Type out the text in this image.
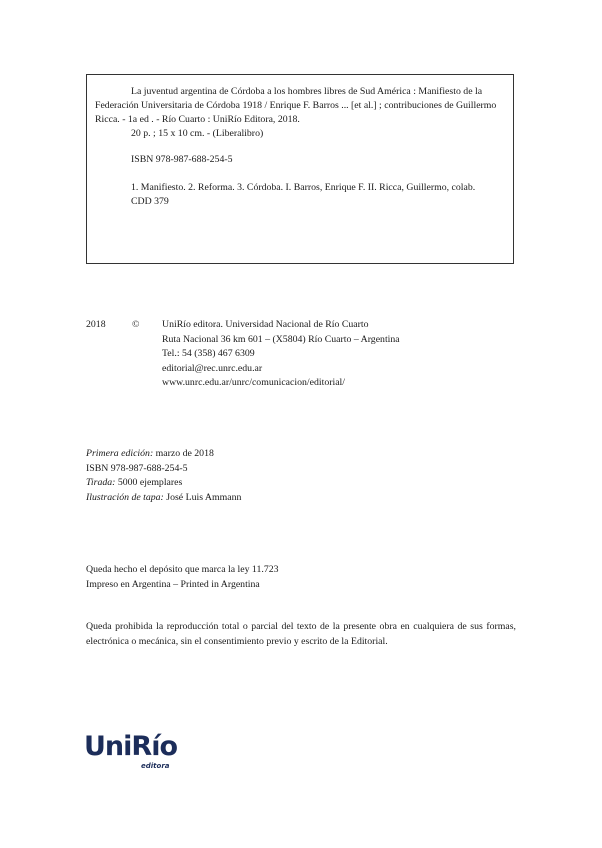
La juventud argentina de Córdoba a los hombres libres de Sud América : Manifiesto de la Federación Universitaria de Córdoba 1918 / Enrique F. Barros ... [et al.] ; contribuciones de Guillermo Ricca. - 1a ed . - Río Cuarto : UniRío Editora, 2018.

20 p. ; 15 x 10 cm. - (Liberalibro)

ISBN 978-987-688-254-5

1. Manifiesto. 2. Reforma. 3. Córdoba. I. Barros, Enrique F. II. Ricca, Guillermo, colab.

CDD 379

2018	© UniRío editora. Universidad Nacional de Río Cuarto
Ruta Nacional 36 km 601 – (X5804) Río Cuarto – Argentina
Tel.: 54 (358) 467 6309
editorial@rec.unrc.edu.ar
www.unrc.edu.ar/unrc/comunicacion/editorial/
Primera edición: marzo de 2018
ISBN 978-987-688-254-5
Tirada: 5000 ejemplares
Ilustración de tapa: José Luis Ammann
Queda hecho el depósito que marca la ley 11.723
Impreso en Argentina – Printed in Argentina

Queda prohibida la reproducción total o parcial del texto de la presente obra en cualquiera de sus formas, electrónica o mecánica, sin el consentimiento previo y escrito de la Editorial.

UniRío
editora
